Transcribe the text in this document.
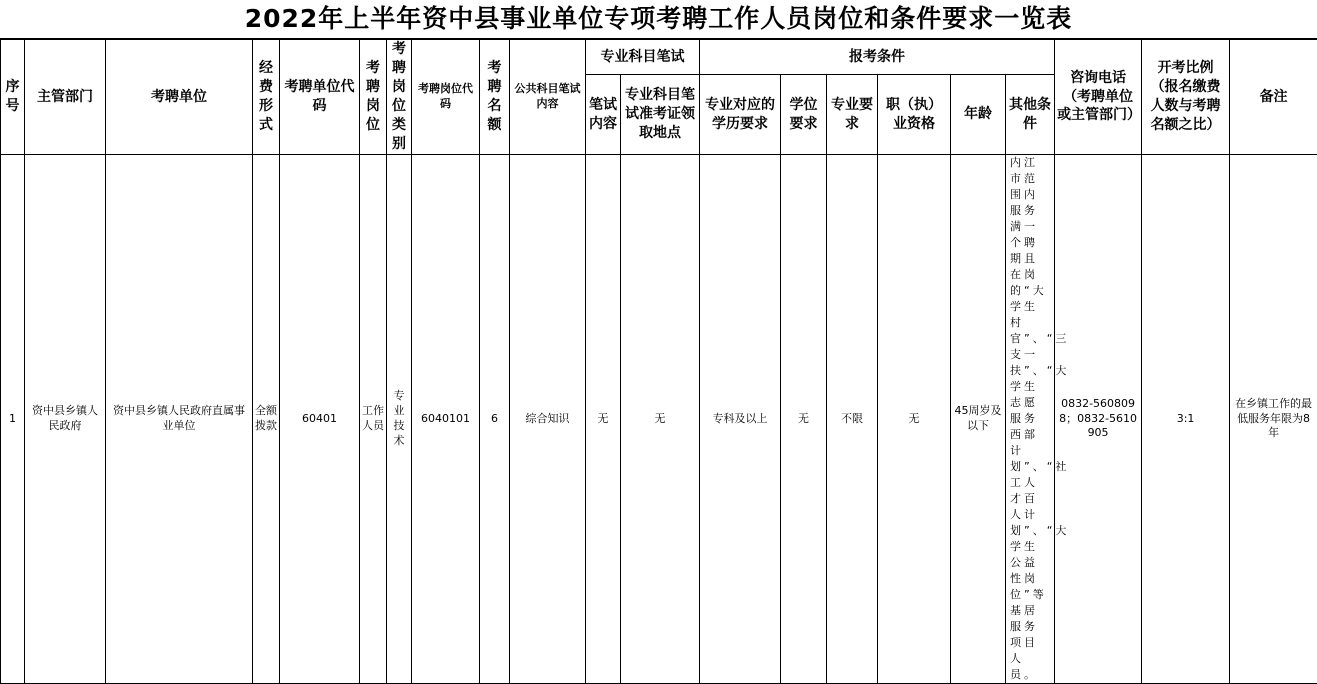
2022年上半年资中县事业单位专项考聘工作人员岗位和条件要求一览表
序号	主管部门	考聘单位	经费形式	考聘单位代码	考聘岗位	考聘岗位类别	考聘岗位代码	考聘名额	公共科目笔试内容	专业科目笔试		报考条件						咨询电话（考聘单位或主管部门）	开考比例（报名缴费人数与考聘名额之比）	备注
										笔试内容	专业科目笔试准考证领取地点	专业对应的学历要求	学位要求	专业要求	职（执）业资格	年龄	其他条件			
1	资中县乡镇人民政府	资中县乡镇人民政府直属事业单位	全额拨款	60401	工作人员	专业技术	6040101	6	综合知识	无	无	专科及以上	无	不限	无	45周岁及以下	内江市范围内服务满一个聘期且在岗的“大学生村官”、“三支一扶”、“大学生志愿服务西部计划”、“社工人才百人计划”、“大学生公益性岗位”等基居服务项目人员。	0832-5608098；0832-5610905	3:1	在乡镇工作的最低服务年限为8年
